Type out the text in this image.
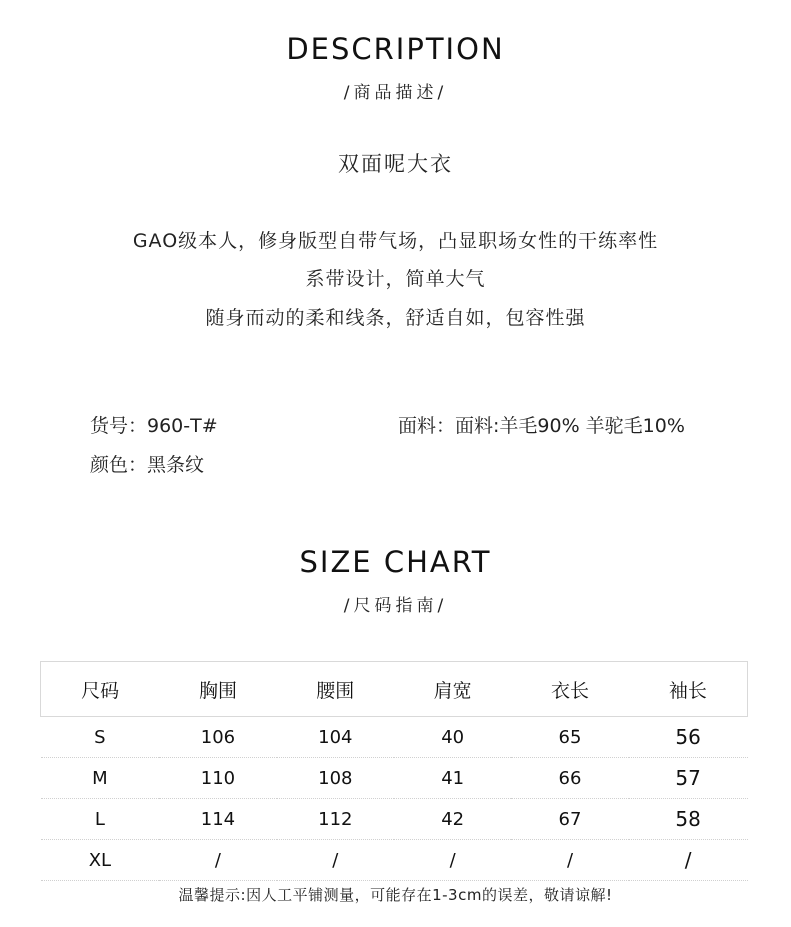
DESCRIPTION
/商品描述/
双面呢大衣
GAO级本人，修身版型自带气场，凸显职场女性的干练率性
系带设计，简单大气
随身而动的柔和线条，舒适自如，包容性强
货号：960-T#	面料：面料:羊毛90% 羊驼毛10%
颜色：黑条纹
SIZE CHART
/尺码指南/
尺码	胸围	腰围	肩宽	衣长	袖长
S	106	104	40	65	56
M	110	108	41	66	57
L	114	112	42	67	58
XL	/	/	/	/	/
温馨提示:因人工平铺测量，可能存在1-3cm的误差，敬请谅解!
